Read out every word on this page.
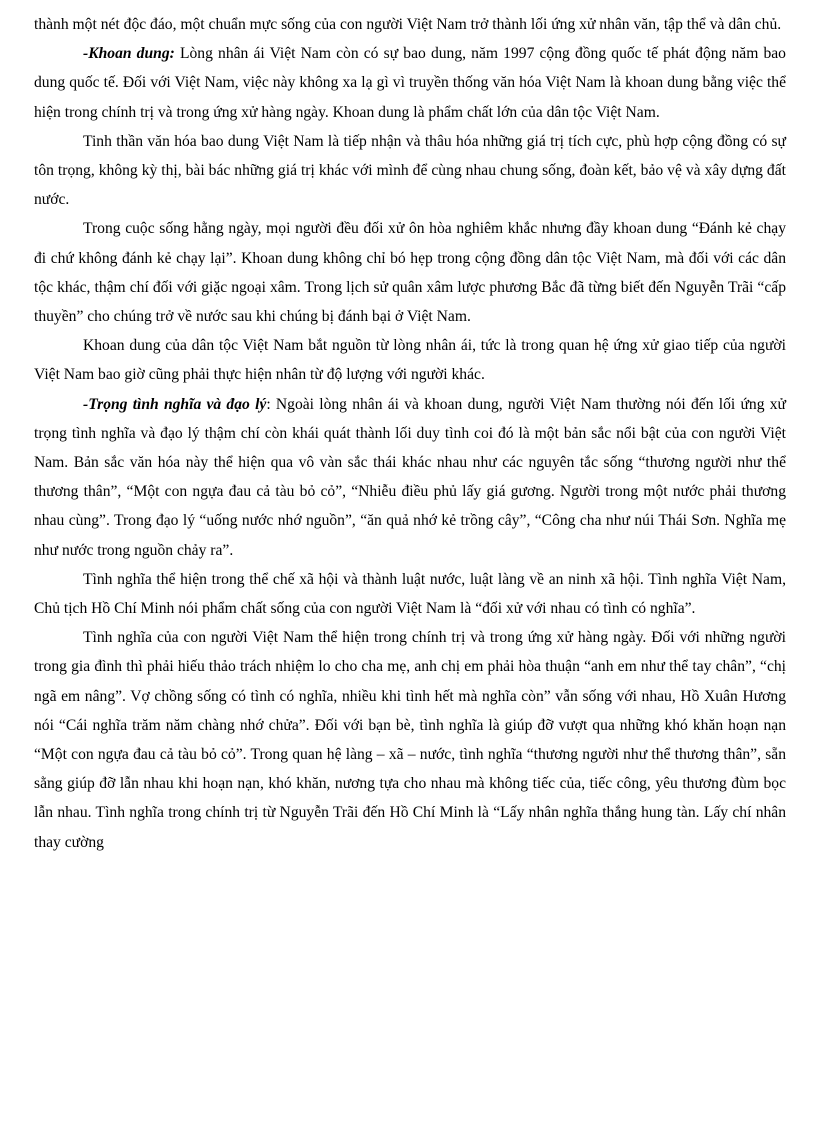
thành một nét độc đáo, một chuẩn mực sống của con người Việt Nam trở thành lối ứng xử nhân văn, tập thể và dân chủ.

-Khoan dung: Lòng nhân ái Việt Nam còn có sự bao dung, năm 1997 cộng đồng quốc tế phát động năm bao dung quốc tế. Đối với Việt Nam, việc này không xa lạ gì vì truyền thống văn hóa Việt Nam là khoan dung bằng việc thể hiện trong chính trị và trong ứng xử hàng ngày. Khoan dung là phẩm chất lớn của dân tộc Việt Nam.

Tinh thần văn hóa bao dung Việt Nam là tiếp nhận và thâu hóa những giá trị tích cực, phù hợp cộng đồng có sự tôn trọng, không kỳ thị, bài bác những giá trị khác với mình để cùng nhau chung sống, đoàn kết, bảo vệ và xây dựng đất nước.

Trong cuộc sống hằng ngày, mọi người đều đối xử ôn hòa nghiêm khắc nhưng đầy khoan dung “Đánh kẻ chạy đi chứ không đánh kẻ chạy lại”. Khoan dung không chỉ bó hẹp trong cộng đồng dân tộc Việt Nam, mà đối với các dân tộc khác, thậm chí đối với giặc ngoại xâm. Trong lịch sử quân xâm lược phương Bắc đã từng biết đến Nguyễn Trãi “cấp thuyền” cho chúng trở về nước sau khi chúng bị đánh bại ở Việt Nam.

Khoan dung của dân tộc Việt Nam bắt nguồn từ lòng nhân ái, tức là trong quan hệ ứng xử giao tiếp của người Việt Nam bao giờ cũng phải thực hiện nhân từ độ lượng với người khác.

-Trọng tình nghĩa và đạo lý: Ngoài lòng nhân ái và khoan dung, người Việt Nam thường nói đến lối ứng xử trọng tình nghĩa và đạo lý thậm chí còn khái quát thành lối duy tình coi đó là một bản sắc nổi bật của con người Việt Nam. Bản sắc văn hóa này thể hiện qua vô vàn sắc thái khác nhau như các nguyên tắc sống “thương người như thể thương thân”, “Một con ngựa đau cả tàu bỏ cỏ”, “Nhiễu điều phủ lấy giá gương. Người trong một nước phải thương nhau cùng”. Trong đạo lý “uống nước nhớ nguồn”, “ăn quả nhớ kẻ trồng cây”, “Công cha như núi Thái Sơn. Nghĩa mẹ như nước trong nguồn chảy ra”.

Tình nghĩa thể hiện trong thể chế xã hội và thành luật nước, luật làng về an ninh xã hội. Tình nghĩa Việt Nam, Chủ tịch Hồ Chí Minh nói phẩm chất sống của con người Việt Nam là “đối xử với nhau có tình có nghĩa”.

Tình nghĩa của con người Việt Nam thể hiện trong chính trị và trong ứng xử hàng ngày. Đối với những người trong gia đình thì phải hiếu thảo trách nhiệm lo cho cha mẹ, anh chị em phải hòa thuận “anh em như thể tay chân”, “chị ngã em nâng”. Vợ chồng sống có tình có nghĩa, nhiều khi tình hết mà nghĩa còn” vẫn sống với nhau, Hồ Xuân Hương nói “Cái nghĩa trăm năm chàng nhớ chửa”. Đối với bạn bè, tình nghĩa là giúp đỡ vượt qua những khó khăn hoạn nạn “Một con ngựa đau cả tàu bỏ cỏ”. Trong quan hệ làng – xã – nước, tình nghĩa “thương người như thể thương thân”, sẵn sằng giúp đỡ lẫn nhau khi hoạn nạn, khó khăn, nương tựa cho nhau mà không tiếc của, tiếc công, yêu thương đùm bọc lẫn nhau. Tình nghĩa trong chính trị từ Nguyễn Trãi đến Hồ Chí Minh là “Lấy nhân nghĩa thắng hung tàn. Lấy chí nhân thay cường
